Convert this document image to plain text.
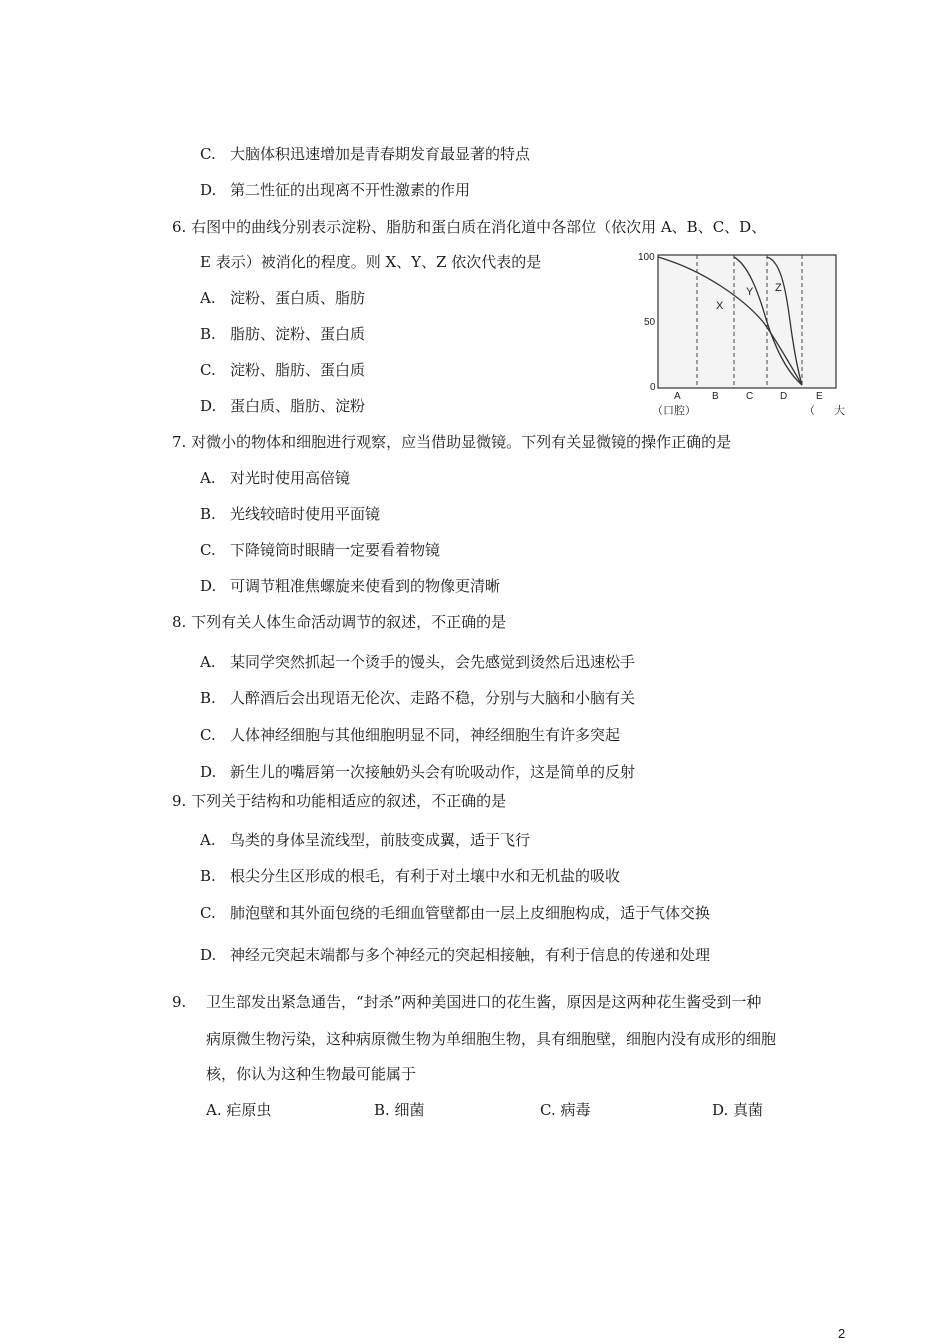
C. 大脑体积迅速增加是青春期发育最显著的特点
D. 第二性征的出现离不开性激素的作用
6. 右图中的曲线分别表示淀粉、脂肪和蛋白质在消化道中各部位（依次用 A、B、C、D、
E 表示）被消化的程度。则 X、Y、Z 依次代表的是
A. 淀粉、蛋白质、脂肪
B. 脂肪、淀粉、蛋白质
C. 淀粉、脂肪、蛋白质
D. 蛋白质、脂肪、淀粉
100
50
0
A	B	C	D	E
X
Y Z
（口腔）	（ 大
7. 对微小的物体和细胞进行观察，应当借助显微镜。下列有关显微镜的操作正确的是
A. 对光时使用高倍镜
B. 光线较暗时使用平面镜
C. 下降镜筒时眼睛一定要看着物镜
D. 可调节粗准焦螺旋来使看到的物像更清晰
8. 下列有关人体生命活动调节的叙述，不正确的是
A. 某同学突然抓起一个烫手的馒头，会先感觉到烫然后迅速松手
B. 人醉酒后会出现语无伦次、走路不稳，分别与大脑和小脑有关
C. 人体神经细胞与其他细胞明显不同，神经细胞生有许多突起
D. 新生儿的嘴唇第一次接触奶头会有吮吸动作，这是简单的反射
9. 下列关于结构和功能相适应的叙述，不正确的是
A. 鸟类的身体呈流线型，前肢变成翼，适于飞行
B. 根尖分生区形成的根毛，有利于对土壤中水和无机盐的吸收
C. 肺泡壁和其外面包绕的毛细血管壁都由一层上皮细胞构成，适于气体交换
D. 神经元突起末端都与多个神经元的突起相接触，有利于信息的传递和处理
9. 卫生部发出紧急通告，“封杀”两种美国进口的花生酱，原因是这两种花生酱受到一种
病原微生物污染，这种病原微生物为单细胞生物，具有细胞壁，细胞内没有成形的细胞
核，你认为这种生物最可能属于
A. 疟原虫	B. 细菌	C. 病毒	D. 真菌
2
